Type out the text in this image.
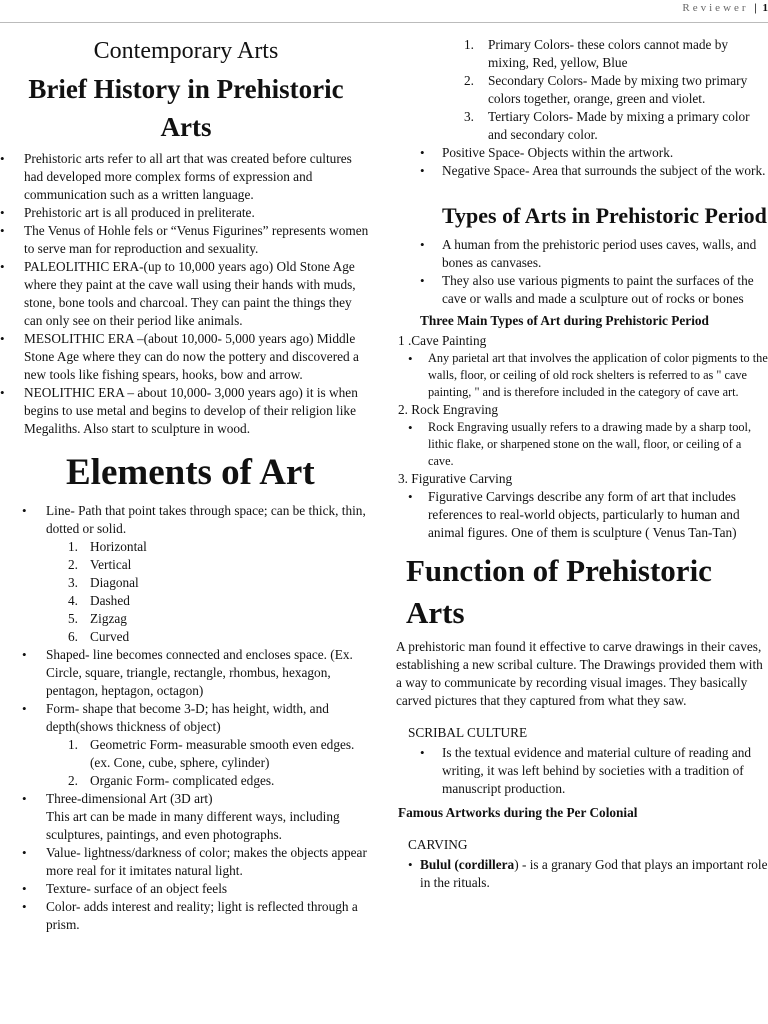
Reviewer | 1
Contemporary Arts
Brief History in Prehistoric Arts
• Prehistoric arts refer to all art that was created before cultures had developed more complex forms of expression and communication such as a written language.
• Prehistoric art is all produced in preliterate.
• The Venus of Hohle fels or “Venus Figurines” represents women to serve man for reproduction and sexuality.
• PALEOLITHIC ERA-(up to 10,000 years ago) Old Stone Age where they paint at the cave wall using their hands with muds, stone, bone tools and charcoal. They can paint the things they can only see on their period like animals.
• MESOLITHIC ERA –(about 10,000- 5,000 years ago) Middle Stone Age where they can do now the pottery and discovered a new tools like fishing spears, hooks, bow and arrow.
• NEOLITHIC ERA – about 10,000- 3,000 years ago) it is when begins to use metal and begins to develop of their religion like Megaliths. Also start to sculpture in wood.
Elements of Art
• Line- Path that point takes through space; can be thick, thin, dotted or solid.
1. Horizontal
2. Vertical
3. Diagonal
4. Dashed
5. Zigzag
6. Curved
• Shaped- line becomes connected and encloses space. (Ex. Circle, square, triangle, rectangle, rhombus, hexagon, pentagon, heptagon, octagon)
• Form- shape that become 3-D; has height, width, and depth(shows thickness of object)
1. Geometric Form- measurable smooth even edges. (ex. Cone, cube, sphere, cylinder)
2. Organic Form- complicated edges.
• Three-dimensional Art (3D art)
This art can be made in many different ways, including sculptures, paintings, and even photographs.
• Value- lightness/darkness of color; makes the objects appear more real for it imitates natural light.
• Texture- surface of an object feels
• Color- adds interest and reality; light is reflected through a prism.
1. Primary Colors- these colors cannot made by mixing, Red, yellow, Blue
2. Secondary Colors- Made by mixing two primary colors together, orange, green and violet.
3. Tertiary Colors- Made by mixing a primary color and secondary color.
• Positive Space- Objects within the artwork.
• Negative Space- Area that surrounds the subject of the work.
Types of Arts in Prehistoric Period
• A human from the prehistoric period uses caves, walls, and bones as canvases.
• They also use various pigments to paint the surfaces of the cave or walls and made a sculpture out of rocks or bones
Three Main Types of Art during Prehistoric Period
1 .Cave Painting
• Any parietal art that involves the application of color pigments to the walls, floor, or ceiling of old rock shelters is referred to as " cave painting, " and is therefore included in the category of cave art.
2. Rock Engraving
• Rock Engraving usually refers to a drawing made by a sharp tool, lithic flake, or sharpened stone on the wall, floor, or ceiling of a cave.
3. Figurative Carving
• Figurative Carvings describe any form of art that includes references to real-world objects, particularly to human and animal figures. One of them is sculpture ( Venus Tan-Tan)
Function of Prehistoric Arts
A prehistoric man found it effective to carve drawings in their caves, establishing a new scribal culture. The Drawings provided them with a way to communicate by recording visual images. They basically carved pictures that they captured from what they saw.
SCRIBAL CULTURE
• Is the textual evidence and material culture of reading and writing, it was left behind by societies with a tradition of manuscript production.
Famous Artworks during the Per Colonial
CARVING
• Bulul (cordillera) - is a granary God that plays an important role in the rituals.
